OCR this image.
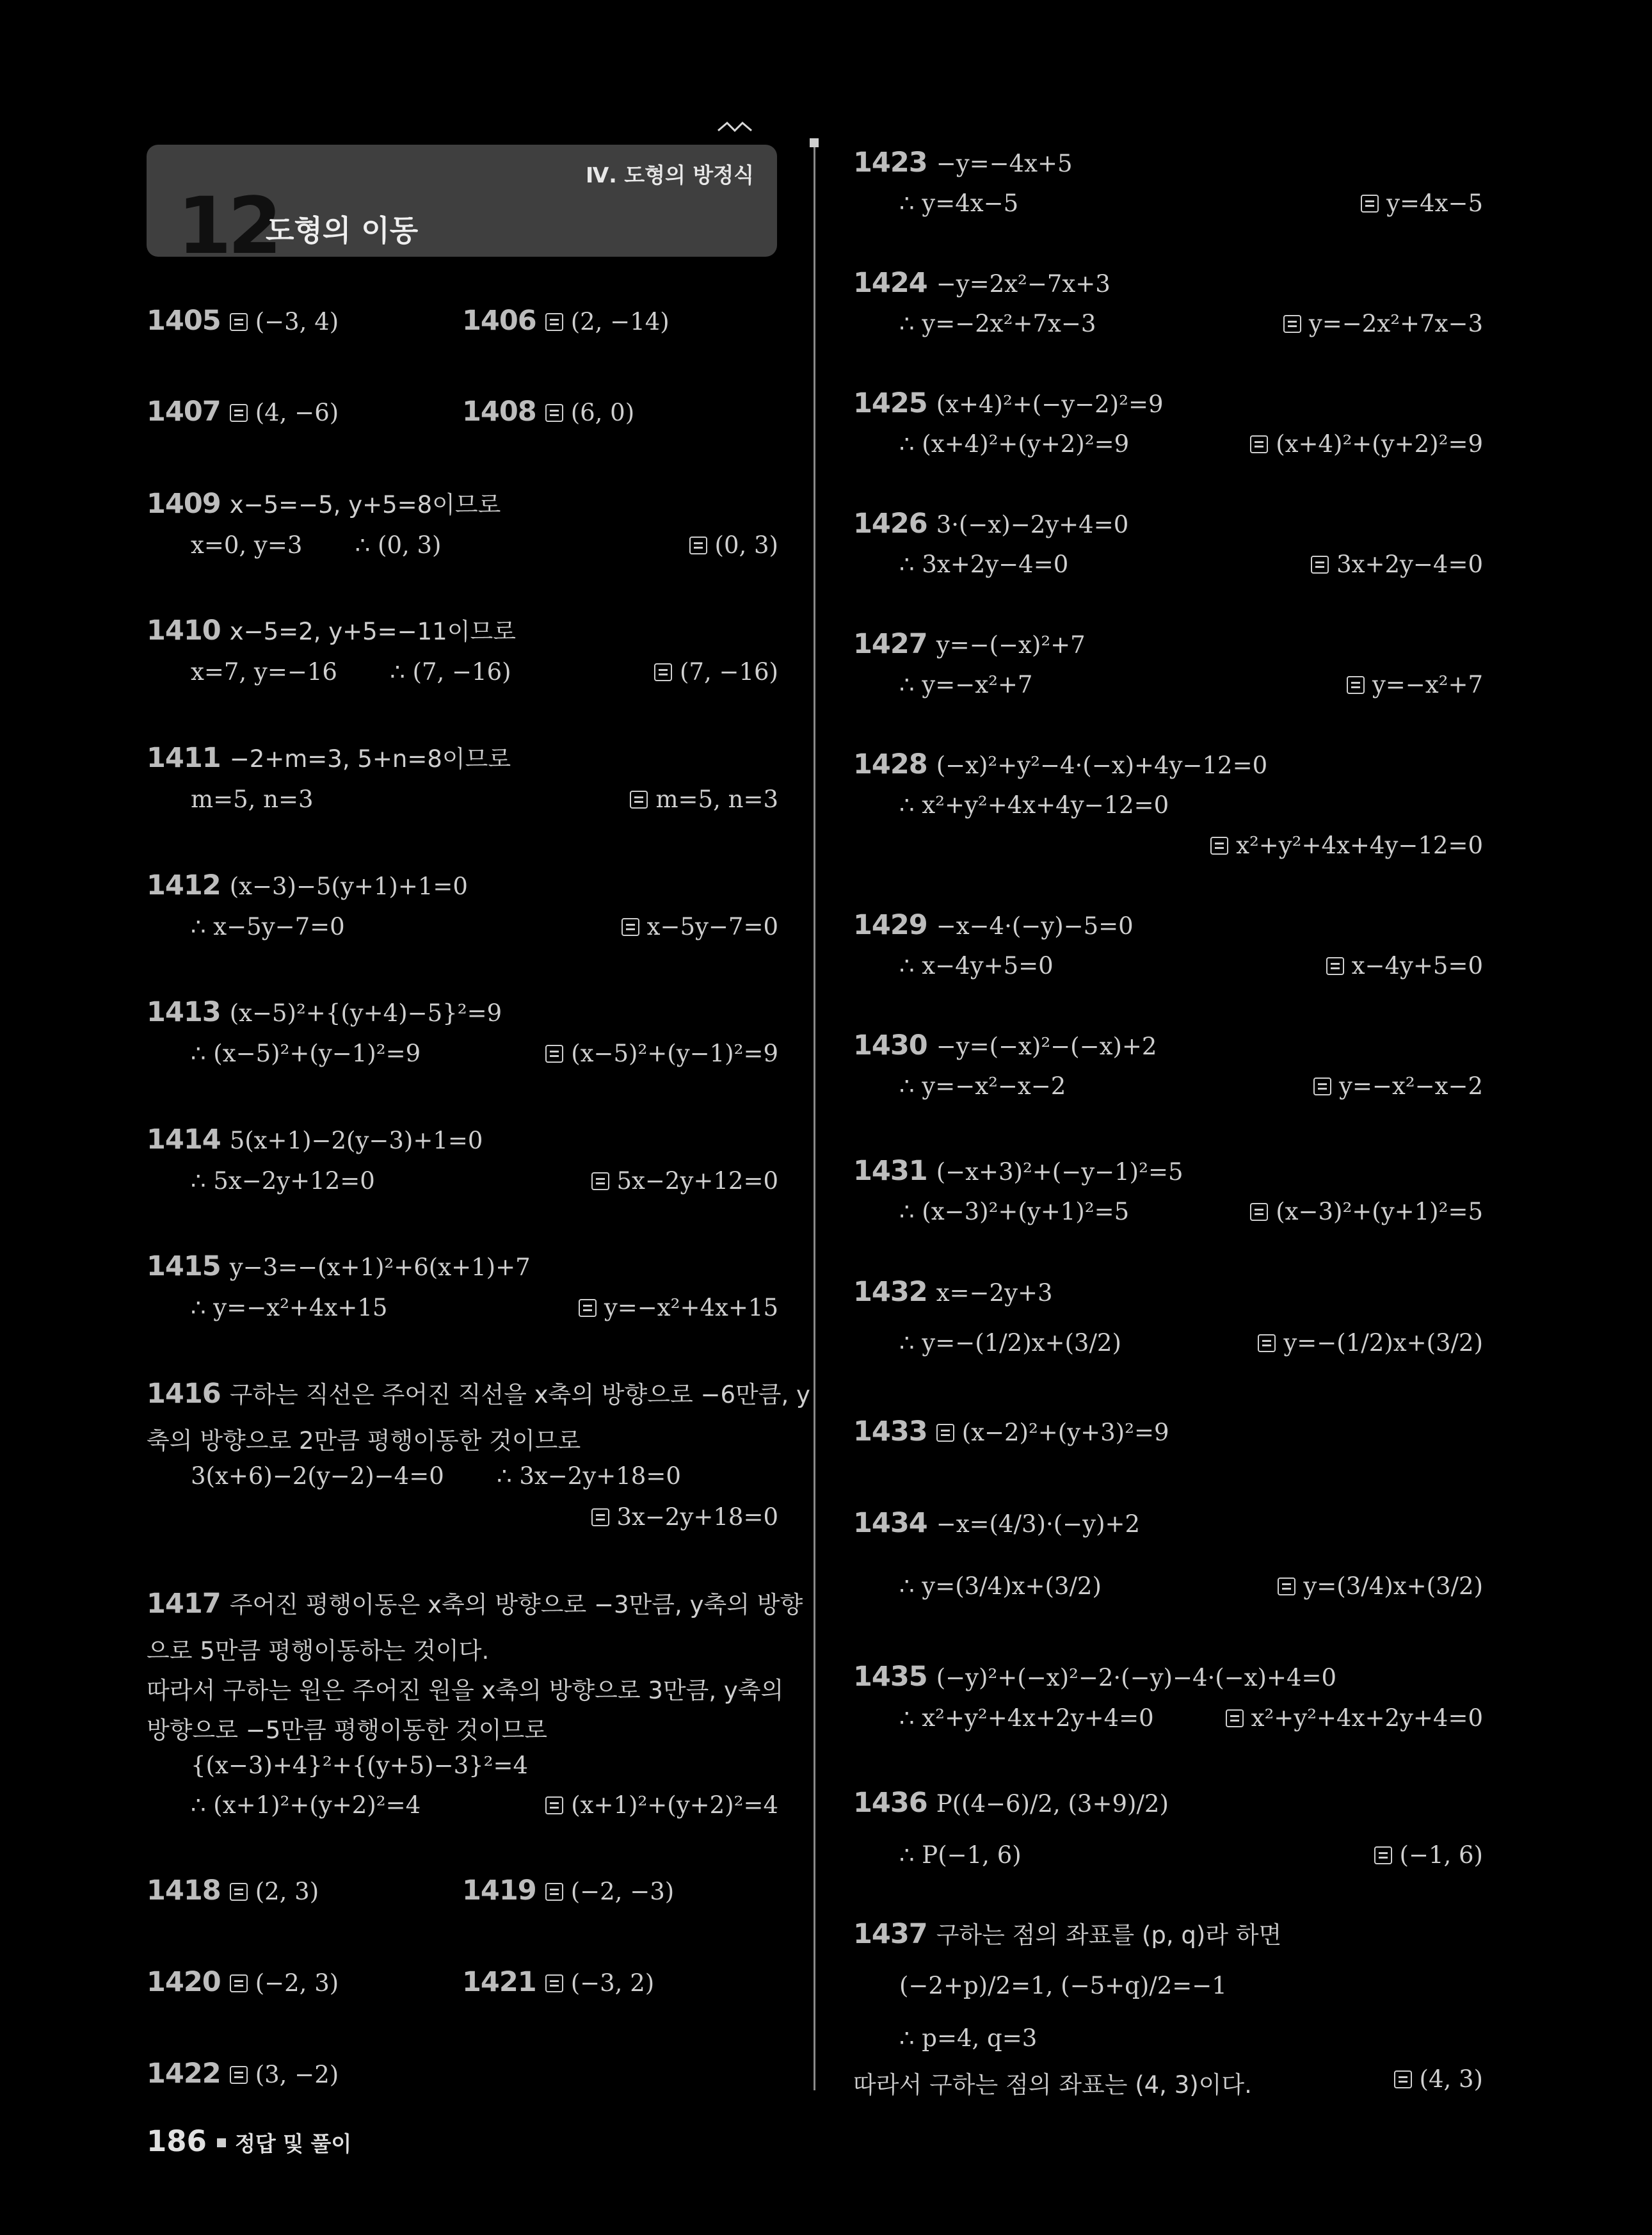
Ⅳ. 도형의 방정식
12
도형의 이동
1405 (−3, 4)	1406 (2, −14)
1407 (4, −6)	1408 (6, 0)
1409 x−5=−5, y+5=8이므로
x=0, y=3       ∴ (0, 3)	(0, 3)
1410 x−5=2, y+5=−11이므로
x=7, y=−16       ∴ (7, −16)	(7, −16)
1411 −2+m=3, 5+n=8이므로
m=5, n=3	m=5, n=3
1412 (x−3)−5(y+1)+1=0
∴ x−5y−7=0	x−5y−7=0
1413 (x−5)²+{(y+4)−5}²=9
∴ (x−5)²+(y−1)²=9	(x−5)²+(y−1)²=9
1414 5(x+1)−2(y−3)+1=0
∴ 5x−2y+12=0	5x−2y+12=0
1415 y−3=−(x+1)²+6(x+1)+7
∴ y=−x²+4x+15	y=−x²+4x+15
1416 구하는 직선은 주어진 직선을 x축의 방향으로 −6만큼, y
축의 방향으로 2만큼 평행이동한 것이므로
3(x+6)−2(y−2)−4=0       ∴ 3x−2y+18=0
3x−2y+18=0
1417 주어진 평행이동은 x축의 방향으로 −3만큼, y축의 방향
으로 5만큼 평행이동하는 것이다.
따라서 구하는 원은 주어진 원을 x축의 방향으로 3만큼, y축의
방향으로 −5만큼 평행이동한 것이므로
{(x−3)+4}²+{(y+5)−3}²=4
∴ (x+1)²+(y+2)²=4	(x+1)²+(y+2)²=4
1418 (2, 3)	1419 (−2, −3)
1420 (−2, 3)	1421 (−3, 2)
1422 (3, −2)
1423 −y=−4x+5
∴ y=4x−5	y=4x−5
1424 −y=2x²−7x+3
∴ y=−2x²+7x−3	y=−2x²+7x−3
1425 (x+4)²+(−y−2)²=9
∴ (x+4)²+(y+2)²=9	(x+4)²+(y+2)²=9
1426 3·(−x)−2y+4=0
∴ 3x+2y−4=0	3x+2y−4=0
1427 y=−(−x)²+7
∴ y=−x²+7	y=−x²+7
1428 (−x)²+y²−4·(−x)+4y−12=0
∴ x²+y²+4x+4y−12=0
x²+y²+4x+4y−12=0
1429 −x−4·(−y)−5=0
∴ x−4y+5=0	x−4y+5=0
1430 −y=(−x)²−(−x)+2
∴ y=−x²−x−2	y=−x²−x−2
1431 (−x+3)²+(−y−1)²=5
∴ (x−3)²+(y+1)²=5	(x−3)²+(y+1)²=5
1432 x=−2y+3
∴ y=−(1/2)x+(3/2)	y=−(1/2)x+(3/2)
1433 (x−2)²+(y+3)²=9
1434 −x=(4/3)·(−y)+2
∴ y=(3/4)x+(3/2)	y=(3/4)x+(3/2)
1435 (−y)²+(−x)²−2·(−y)−4·(−x)+4=0
∴ x²+y²+4x+2y+4=0	x²+y²+4x+2y+4=0
1436 P((4−6)/2, (3+9)/2)
∴ P(−1, 6)	(−1, 6)
1437 구하는 점의 좌표를 (p, q)라 하면
(−2+p)/2=1, (−5+q)/2=−1
∴ p=4, q=3
따라서 구하는 점의 좌표는 (4, 3)이다.	(4, 3)
186 정답 및 풀이
